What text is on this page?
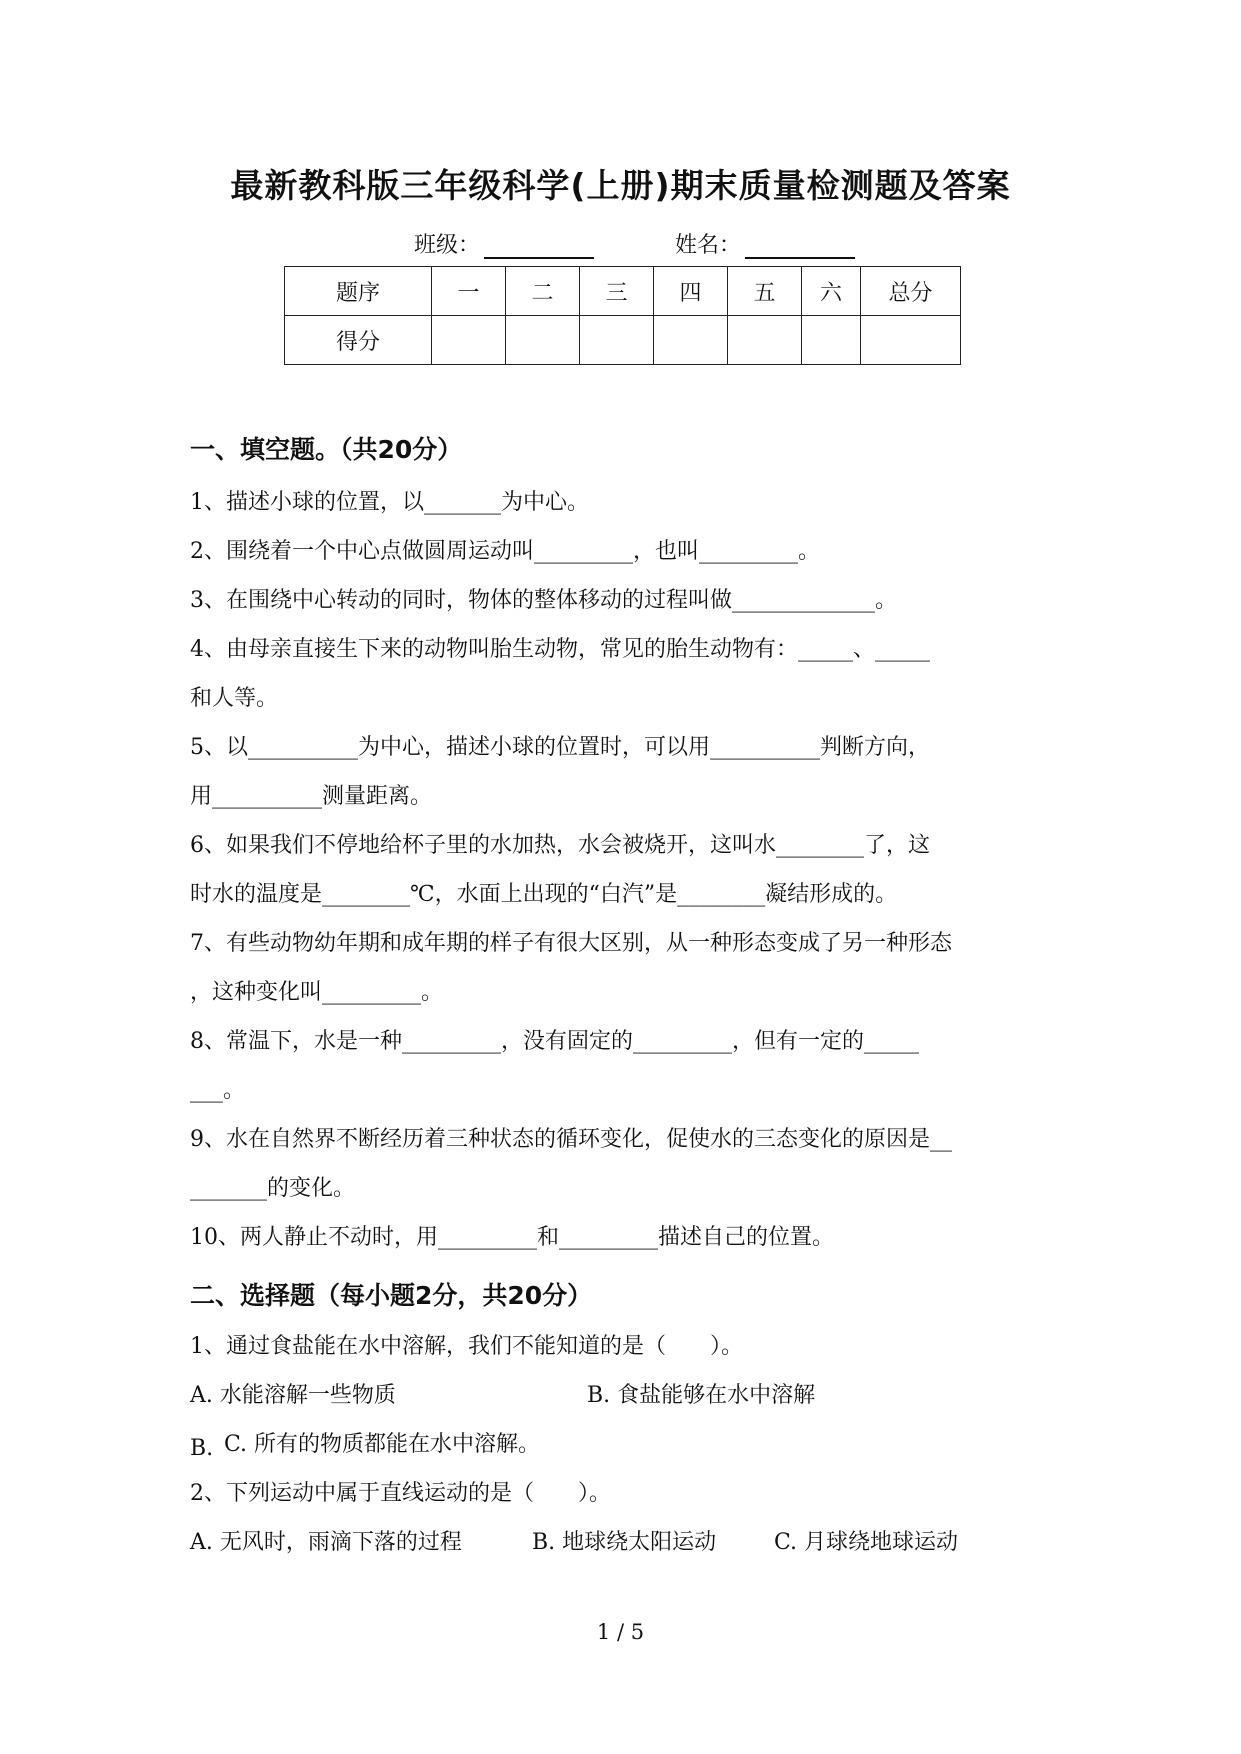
最新教科版三年级科学(上册)期末质量检测题及答案
班级：	姓名：
题序	一	二	三	四	五	六	总分
得分							
一、填空题。（共20分）

1、描述小球的位置，以_______为中心。

2、围绕着一个中心点做圆周运动叫_________，也叫_________。

3、在围绕中心转动的同时，物体的整体移动的过程叫做_____________。

4、由母亲直接生下来的动物叫胎生动物，常见的胎生动物有：_____、_____

和人等。

5、以__________为中心，描述小球的位置时，可以用__________判断方向，

用__________测量距离。

6、如果我们不停地给杯子里的水加热，水会被烧开，这叫水________了，这

时水的温度是________℃，水面上出现的“白汽”是________凝结形成的。

7、有些动物幼年期和成年期的样子有很大区别，从一种形态变成了另一种形态

，这种变化叫_________。

8、常温下，水是一种_________，没有固定的_________，但有一定的_____

___。

9、水在自然界不断经历着三种状态的循环变化，促使水的三态变化的原因是__

_______的变化。

10、两人静止不动时，用_________和_________描述自己的位置。

二、选择题（每小题2分，共20分）

1、通过食盐能在水中溶解，我们不能知道的是（　　）。

A. 水能溶解一些物质	B. 食盐能够在水中溶解
B. C. 所有的物质都能在水中溶解。

2、下列运动中属于直线运动的是（　　）。

A. 无风时，雨滴下落的过程	B. 地球绕太阳运动	C. 月球绕地球运动
1 / 5
